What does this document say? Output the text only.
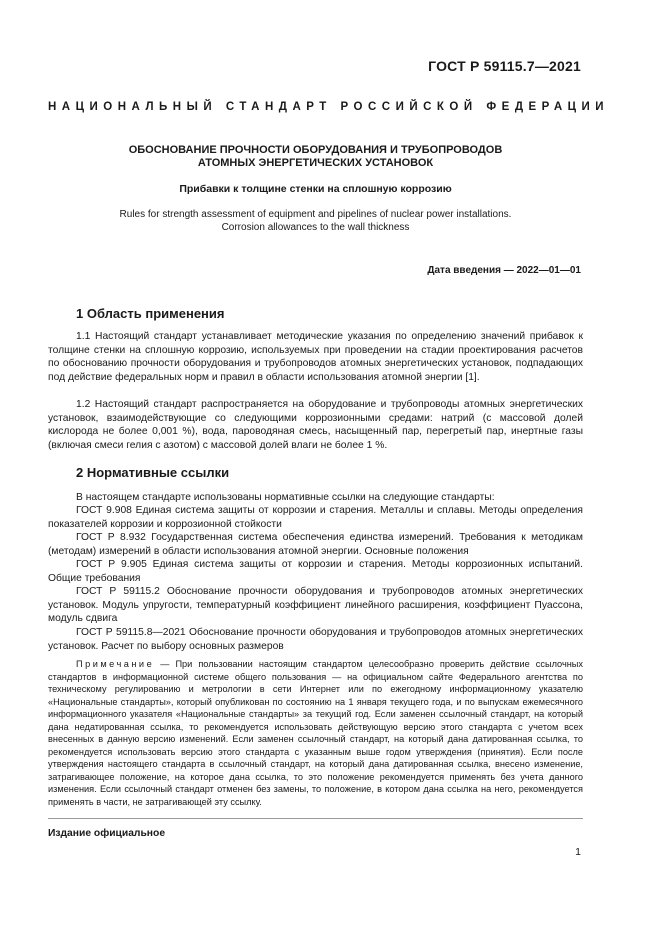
ГОСТ Р 59115.7—2021
НАЦИОНАЛЬНЫЙ СТАНДАРТ РОССИЙСКОЙ ФЕДЕРАЦИИ
ОБОСНОВАНИЕ ПРОЧНОСТИ ОБОРУДОВАНИЯ И ТРУБОПРОВОДОВ
АТОМНЫХ ЭНЕРГЕТИЧЕСКИХ УСТАНОВОК
Прибавки к толщине стенки на сплошную коррозию
Rules for strength assessment of equipment and pipelines of nuclear power installations.
Corrosion allowances to the wall thickness
Дата введения — 2022—01—01
1 Область применения

1.1 Настоящий стандарт устанавливает методические указания по определению значений прибавок к толщине стенки на сплошную коррозию, используемых при проведении на стадии проектирования расчетов по обоснованию прочности оборудования и трубопроводов атомных энергетических установок, подпадающих под действие федеральных норм и правил в области использования атомной энергии [1].

1.2 Настоящий стандарт распространяется на оборудование и трубопроводы атомных энергетических установок, взаимодействующие со следующими коррозионными средами: натрий (с массовой долей кислорода не более 0,001 %), вода, пароводяная смесь, насыщенный пар, перегретый пар, инертные газы (включая смеси гелия с азотом) с массовой долей влаги не более 1 %.

2 Нормативные ссылки

В настоящем стандарте использованы нормативные ссылки на следующие стандарты:

ГОСТ 9.908 Единая система защиты от коррозии и старения. Металлы и сплавы. Методы определения показателей коррозии и коррозионной стойкости

ГОСТ Р 8.932 Государственная система обеспечения единства измерений. Требования к методикам (методам) измерений в области использования атомной энергии. Основные положения

ГОСТ Р 9.905 Единая система защиты от коррозии и старения. Методы коррозионных испытаний. Общие требования

ГОСТ Р 59115.2 Обоснование прочности оборудования и трубопроводов атомных энергетических установок. Модуль упругости, температурный коэффициент линейного расширения, коэффициент Пуассона, модуль сдвига

ГОСТ Р 59115.8—2021 Обоснование прочности оборудования и трубопроводов атомных энергетических установок. Расчет по выбору основных размеров

Примечание — При пользовании настоящим стандартом целесообразно проверить действие ссылочных стандартов в информационной системе общего пользования — на официальном сайте Федерального агентства по техническому регулированию и метрологии в сети Интернет или по ежегодному информационному указателю «Национальные стандарты», который опубликован по состоянию на 1 января текущего года, и по выпускам ежемесячного информационного указателя «Национальные стандарты» за текущий год. Если заменен ссылочный стандарт, на который дана недатированная ссылка, то рекомендуется использовать действующую версию этого стандарта с учетом всех внесенных в данную версию изменений. Если заменен ссылочный стандарт, на который дана датированная ссылка, то рекомендуется использовать версию этого стандарта с указанным выше годом утверждения (принятия). Если после утверждения настоящего стандарта в ссылочный стандарт, на который дана датированная ссылка, внесено изменение, затрагивающее положение, на которое дана ссылка, то это положение рекомендуется применять без учета данного изменения. Если ссылочный стандарт отменен без замены, то положение, в котором дана ссылка на него, рекомендуется применять в части, не затрагивающей эту ссылку.

Издание официальное
1
